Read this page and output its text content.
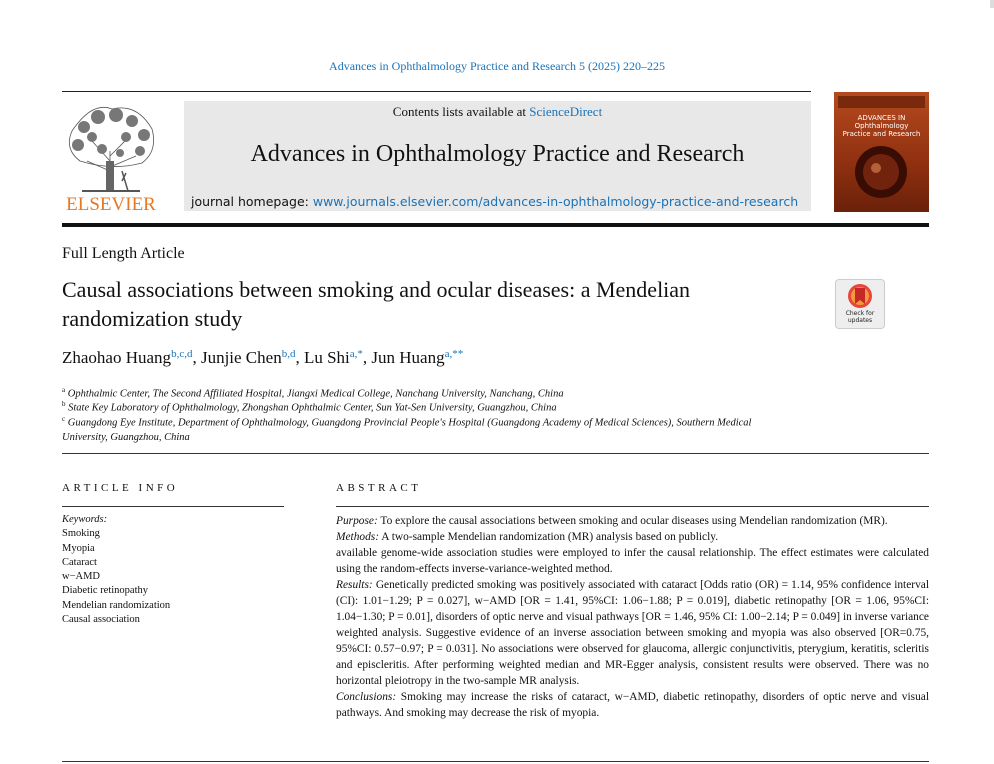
Advances in Ophthalmology Practice and Research 5 (2025) 220–225
ELSEVIER
Contents lists available at ScienceDirect
Advances in Ophthalmology Practice and Research
journal homepage: www.journals.elsevier.com/advances-in-ophthalmology-practice-and-research
ADVANCES IN
Ophthalmology
Practice and Research
Full Length Article
Causal associations between smoking and ocular diseases: a Mendelian randomization study	Check for updates
Zhaohao Huang$^{b,c,d}$, Junjie Chen$^{b,d}$, Lu Shi$^{a,*}$, Jun Huang$^{a,**}$
$^a$ Ophthalmic Center, The Second Affiliated Hospital, Jiangxi Medical College, Nanchang University, Nanchang, China
$^b$ State Key Laboratory of Ophthalmology, Zhongshan Ophthalmic Center, Sun Yat-Sen University, Guangzhou, China
$^c$ Guangdong Eye Institute, Department of Ophthalmology, Guangdong Provincial People's Hospital (Guangdong Academy of Medical Sciences), Southern Medical University, Guangzhou, China
ARTICLE INFO	ABSTRACT
Keywords:
Smoking
Myopia
Cataract
w−AMD
Diabetic retinopathy
Mendelian randomization
Causal association

Purpose: To explore the causal associations between smoking and ocular diseases using Mendelian randomization (MR).

Methods: A two-sample Mendelian randomization (MR) analysis based on publicly.

available genome-wide association studies were employed to infer the causal relationship. The effect estimates were calculated using the random-effects inverse-variance-weighted method.

Results: Genetically predicted smoking was positively associated with cataract [Odds ratio (OR) = 1.14, 95% confidence interval (CI): 1.01−1.29; P = 0.027], w−AMD [OR = 1.41, 95%CI: 1.06−1.88; P = 0.019], diabetic retinopathy [OR = 1.06, 95%CI: 1.04−1.30; P = 0.01], disorders of optic nerve and visual pathways [OR = 1.46, 95% CI: 1.00−2.14; P = 0.049] in inverse variance weighted analysis. Suggestive evidence of an inverse association between smoking and myopia was also observed [OR=0.75, 95%CI: 0.57−0.97; P = 0.031]. No associations were observed for glaucoma, allergic conjunctivitis, pterygium, keratitis, scleritis and episcleritis. After performing weighted median and MR-Egger analysis, consistent results were observed. There was no horizontal pleiotropy in the two-sample MR analysis.

Conclusions: Smoking may increase the risks of cataract, w−AMD, diabetic retinopathy, disorders of optic nerve and visual pathways. And smoking may decrease the risk of myopia.
